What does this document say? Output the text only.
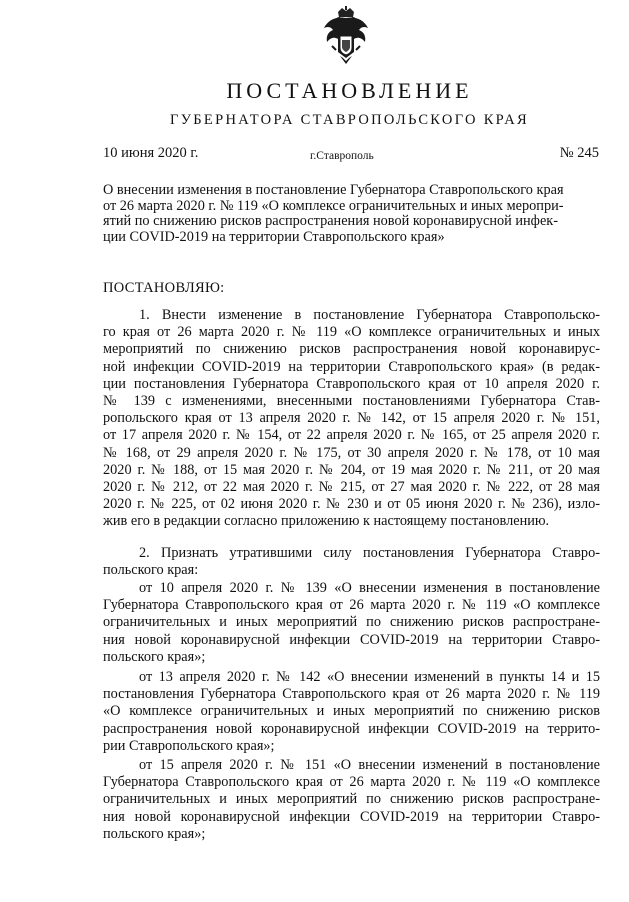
ПОСТАНОВЛЕНИЕ
ГУБЕРНАТОРА СТАВРОПОЛЬСКОГО КРАЯ
10 июня 2020 г.	г.Ставрополь	№ 245
О внесении изменения в постановление Губернатора Ставропольского края
от 26 марта 2020 г. № 119 «О комплексе ограничительных и иных меропри-
ятий по снижению рисков распространения новой коронавирусной инфек-
ции COVID-2019 на территории Ставропольского края»
ПОСТАНОВЛЯЮ:
1. Внести изменение в постановление Губернатора Ставропольско-
го края от 26 марта 2020 г. № 119 «О комплексе ограничительных и иных
мероприятий по снижению рисков распространения новой коронавирус-
ной инфекции COVID-2019 на территории Ставропольского края» (в редак-
ции постановления Губернатора Ставропольского края от 10 апреля 2020 г.
№ 139 с изменениями, внесенными постановлениями Губернатора Став-
ропольского края от 13 апреля 2020 г. № 142, от 15 апреля 2020 г. № 151,
от 17 апреля 2020 г. № 154, от 22 апреля 2020 г. № 165, от 25 апреля 2020 г.
№ 168, от 29 апреля 2020 г. № 175, от 30 апреля 2020 г. № 178, от 10 мая
2020 г. № 188, от 15 мая 2020 г. № 204, от 19 мая 2020 г. № 211, от 20 мая
2020 г. № 212, от 22 мая 2020 г. № 215, от 27 мая 2020 г. № 222, от 28 мая
2020 г. № 225, от 02 июня 2020 г. № 230 и от 05 июня 2020 г. № 236), изло-
жив его в редакции согласно приложению к настоящему постановлению.
2. Признать утратившими силу постановления Губернатора Ставро-
польского края:
от 10 апреля 2020 г. № 139 «О внесении изменения в постановление
Губернатора Ставропольского края от 26 марта 2020 г. № 119 «О комплексе
ограничительных и иных мероприятий по снижению рисков распростране-
ния новой коронавирусной инфекции COVID-2019 на территории Ставро-
польского края»;
от 13 апреля 2020 г. № 142 «О внесении изменений в пункты 14 и 15
постановления Губернатора Ставропольского края от 26 марта 2020 г. № 119
«О комплексе ограничительных и иных мероприятий по снижению рисков
распространения новой коронавирусной инфекции COVID-2019 на террито-
рии Ставропольского края»;
от 15 апреля 2020 г. № 151 «О внесении изменений в постановление
Губернатора Ставропольского края от 26 марта 2020 г. № 119 «О комплексе
ограничительных и иных мероприятий по снижению рисков распростране-
ния новой коронавирусной инфекции COVID-2019 на территории Ставро-
польского края»;
